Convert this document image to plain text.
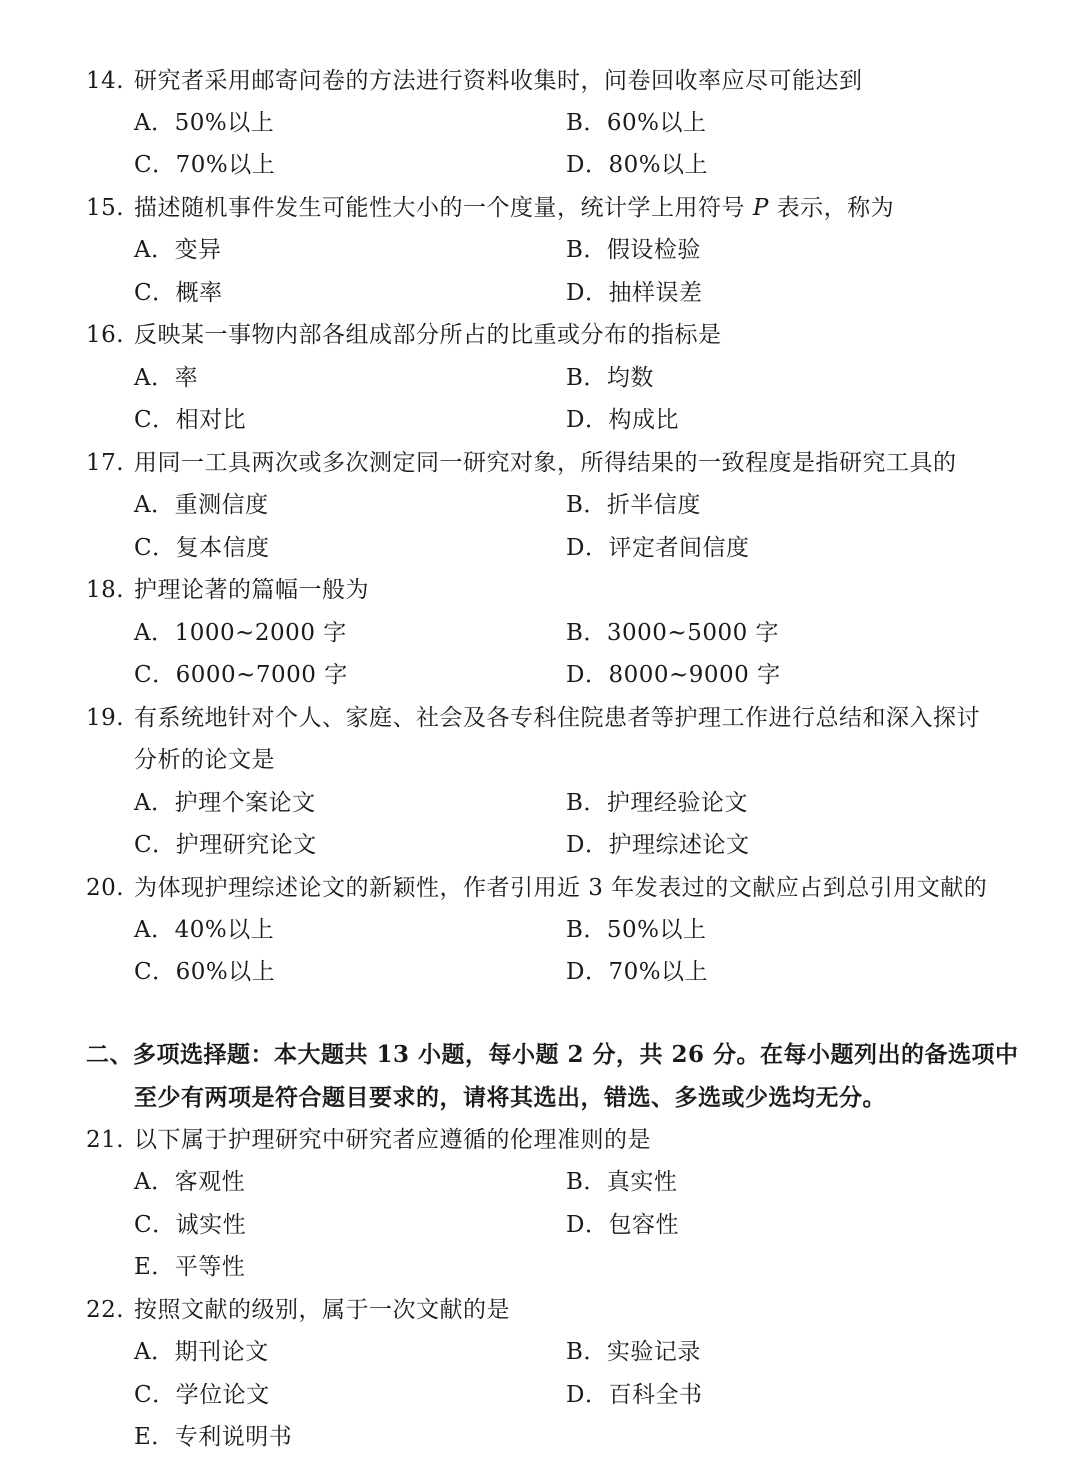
14. 研究者采用邮寄问卷的方法进行资料收集时，问卷回收率应尽可能达到
A．50%以上	B．60%以上
C．70%以上	D．80%以上
15. 描述随机事件发生可能性大小的一个度量，统计学上用符号 P 表示，称为
A．变异	B．假设检验
C．概率	D．抽样误差
16. 反映某一事物内部各组成部分所占的比重或分布的指标是
A．率	B．均数
C．相对比	D．构成比
17. 用同一工具两次或多次测定同一研究对象，所得结果的一致程度是指研究工具的
A．重测信度	B．折半信度
C．复本信度	D．评定者间信度
18. 护理论著的篇幅一般为
A．1000~2000 字	B．3000~5000 字
C．6000~7000 字	D．8000~9000 字
19. 有系统地针对个人、家庭、社会及各专科住院患者等护理工作进行总结和深入探讨
分析的论文是
A．护理个案论文	B．护理经验论文
C．护理研究论文	D．护理综述论文
20. 为体现护理综述论文的新颖性，作者引用近 3 年发表过的文献应占到总引用文献的
A．40%以上	B．50%以上
C．60%以上	D．70%以上
二、多项选择题：本大题共 13 小题，每小题 2 分，共 26 分。在每小题列出的备选项中
至少有两项是符合题目要求的，请将其选出，错选、多选或少选均无分。
21. 以下属于护理研究中研究者应遵循的伦理准则的是
A．客观性	B．真实性
C．诚实性	D．包容性
E．平等性
22. 按照文献的级别，属于一次文献的是
A．期刊论文	B．实验记录
C．学位论文	D．百科全书
E．专利说明书
